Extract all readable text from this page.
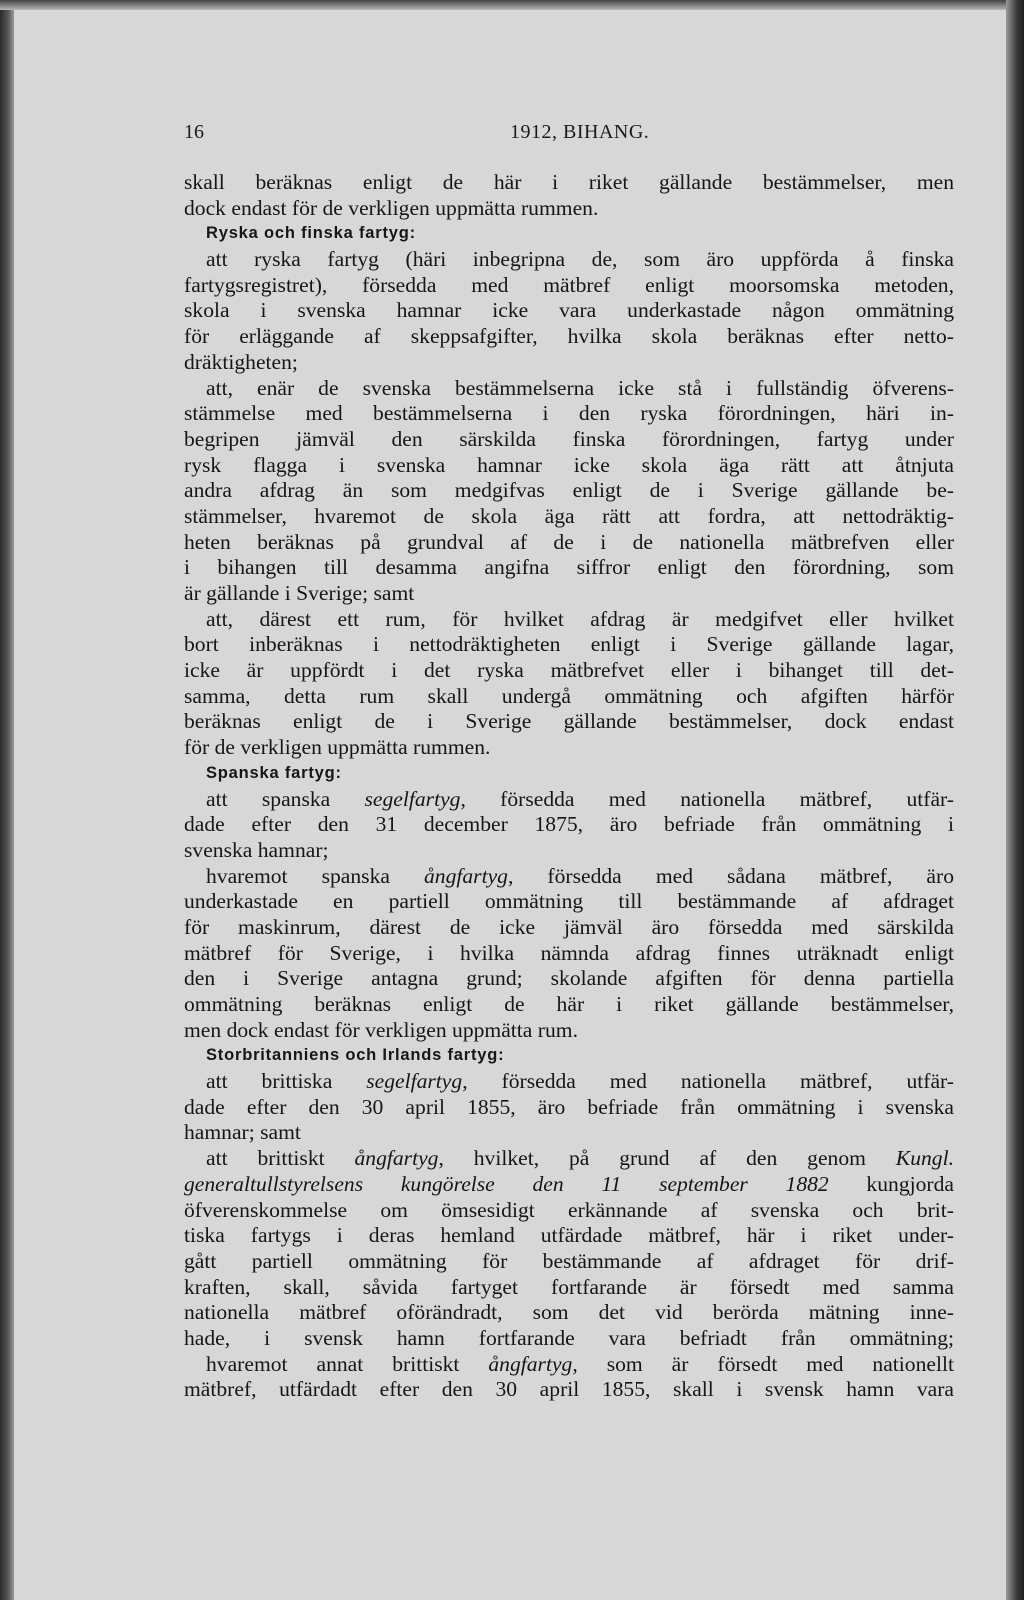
16	1912, BIHANG.
skall beräknas enligt de här i riket gällande bestämmelser, men
dock endast för de verkligen uppmätta rummen.
Ryska och finska fartyg:
att ryska fartyg (häri inbegripna de, som äro uppförda å finska
fartygsregistret), försedda med mätbref enligt moorsomska metoden,
skola i svenska hamnar icke vara underkastade någon ommätning
för erläggande af skeppsafgifter, hvilka skola beräknas efter netto-
dräktigheten;
att, enär de svenska bestämmelserna icke stå i fullständig öfverens-
stämmelse med bestämmelserna i den ryska förordningen, häri in-
begripen jämväl den särskilda finska förordningen, fartyg under
rysk flagga i svenska hamnar icke skola äga rätt att åtnjuta
andra afdrag än som medgifvas enligt de i Sverige gällande be-
stämmelser, hvaremot de skola äga rätt att fordra, att nettodräktig-
heten beräknas på grundval af de i de nationella mätbrefven eller
i bihangen till desamma angifna siffror enligt den förordning, som
är gällande i Sverige; samt
att, därest ett rum, för hvilket afdrag är medgifvet eller hvilket
bort inberäknas i nettodräktigheten enligt i Sverige gällande lagar,
icke är uppfördt i det ryska mätbrefvet eller i bihanget till det-
samma, detta rum skall undergå ommätning och afgiften härför
beräknas enligt de i Sverige gällande bestämmelser, dock endast
för de verkligen uppmätta rummen.
Spanska fartyg:
att spanska segelfartyg, försedda med nationella mätbref, utfär-
dade efter den 31 december 1875, äro befriade från ommätning i
svenska hamnar;
hvaremot spanska ångfartyg, försedda med sådana mätbref, äro
underkastade en partiell ommätning till bestämmande af afdraget
för maskinrum, därest de icke jämväl äro försedda med särskilda
mätbref för Sverige, i hvilka nämnda afdrag finnes uträknadt enligt
den i Sverige antagna grund; skolande afgiften för denna partiella
ommätning beräknas enligt de här i riket gällande bestämmelser,
men dock endast för verkligen uppmätta rum.
Storbritanniens och Irlands fartyg:
att brittiska segelfartyg, försedda med nationella mätbref, utfär-
dade efter den 30 april 1855, äro befriade från ommätning i svenska
hamnar; samt
att brittiskt ångfartyg, hvilket, på grund af den genom Kungl.
generaltullstyrelsens kungörelse den 11 september 1882 kungjorda
öfverenskommelse om ömsesidigt erkännande af svenska och brit-
tiska fartygs i deras hemland utfärdade mätbref, här i riket under-
gått partiell ommätning för bestämmande af afdraget för drif-
kraften, skall, såvida fartyget fortfarande är försedt med samma
nationella mätbref oförändradt, som det vid berörda mätning inne-
hade, i svensk hamn fortfarande vara befriadt från ommätning;
hvaremot annat brittiskt ångfartyg, som är försedt med nationellt
mätbref, utfärdadt efter den 30 april 1855, skall i svensk hamn vara
